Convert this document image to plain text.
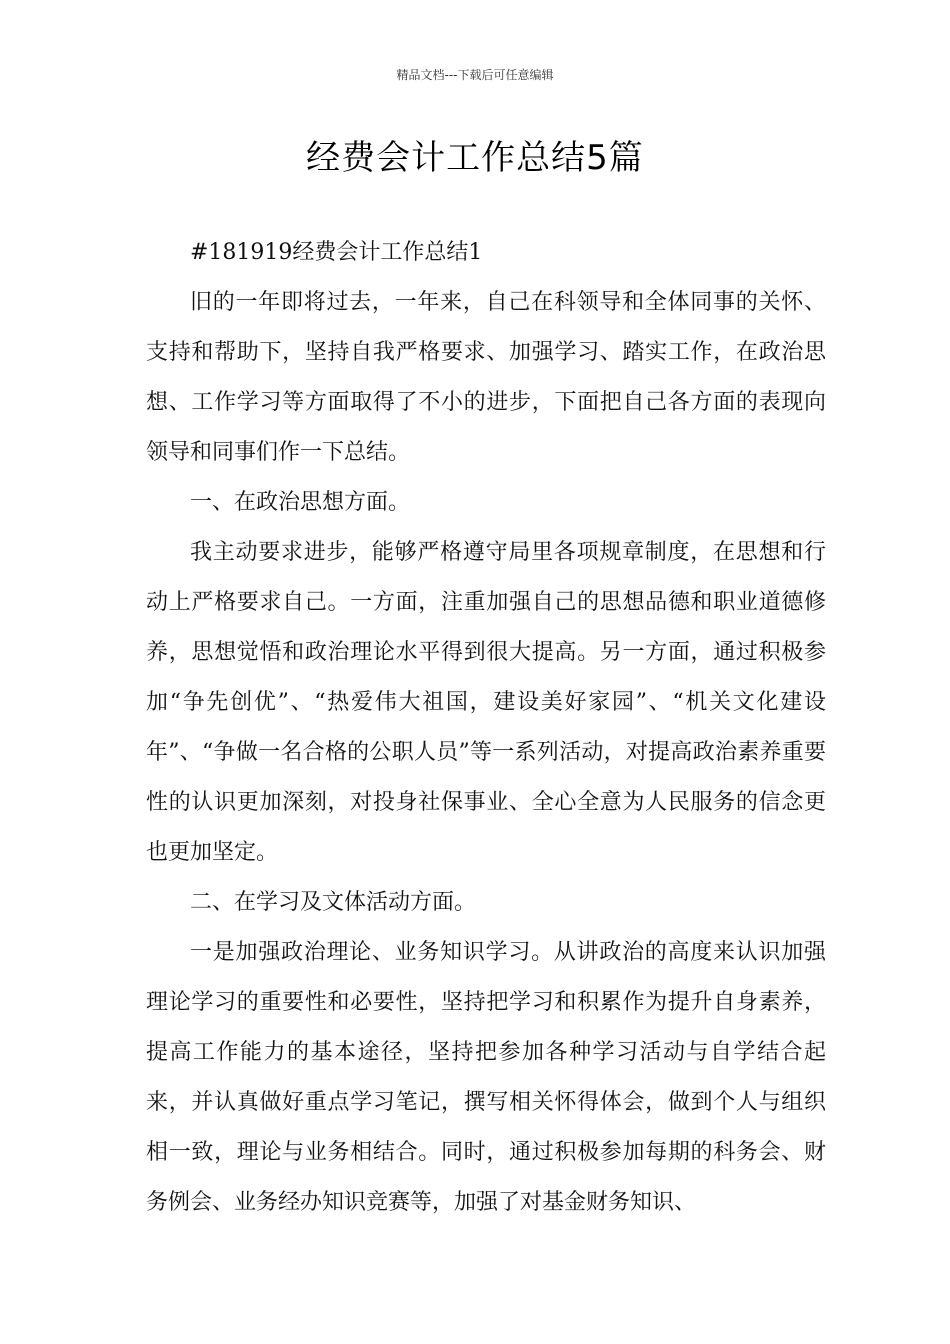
精品文档---下载后可任意编辑
经费会计工作总结5篇

#181919经费会计工作总结1

旧的一年即将过去，一年来，自己在科领导和全体同事的关怀、支持和帮助下，坚持自我严格要求、加强学习、踏实工作，在政治思想、工作学习等方面取得了不小的进步，下面把自己各方面的表现向领导和同事们作一下总结。

一、在政治思想方面。

我主动要求进步，能够严格遵守局里各项规章制度，在思想和行动上严格要求自己。一方面，注重加强自己的思想品德和职业道德修养，思想觉悟和政治理论水平得到很大提高。另一方面，通过积极参加“争先创优”、“热爱伟大祖国，建设美好家园”、“机关文化建设年”、“争做一名合格的公职人员”等一系列活动，对提高政治素养重要性的认识更加深刻，对投身社保事业、全心全意为人民服务的信念更也更加坚定。

二、在学习及文体活动方面。

一是加强政治理论、业务知识学习。从讲政治的高度来认识加强理论学习的重要性和必要性，坚持把学习和积累作为提升自身素养，提高工作能力的基本途径，坚持把参加各种学习活动与自学结合起来，并认真做好重点学习笔记，撰写相关怀得体会，做到个人与组织相一致，理论与业务相结合。同时，通过积极参加每期的科务会、财务例会、业务经办知识竞赛等，加强了对基金财务知识、
